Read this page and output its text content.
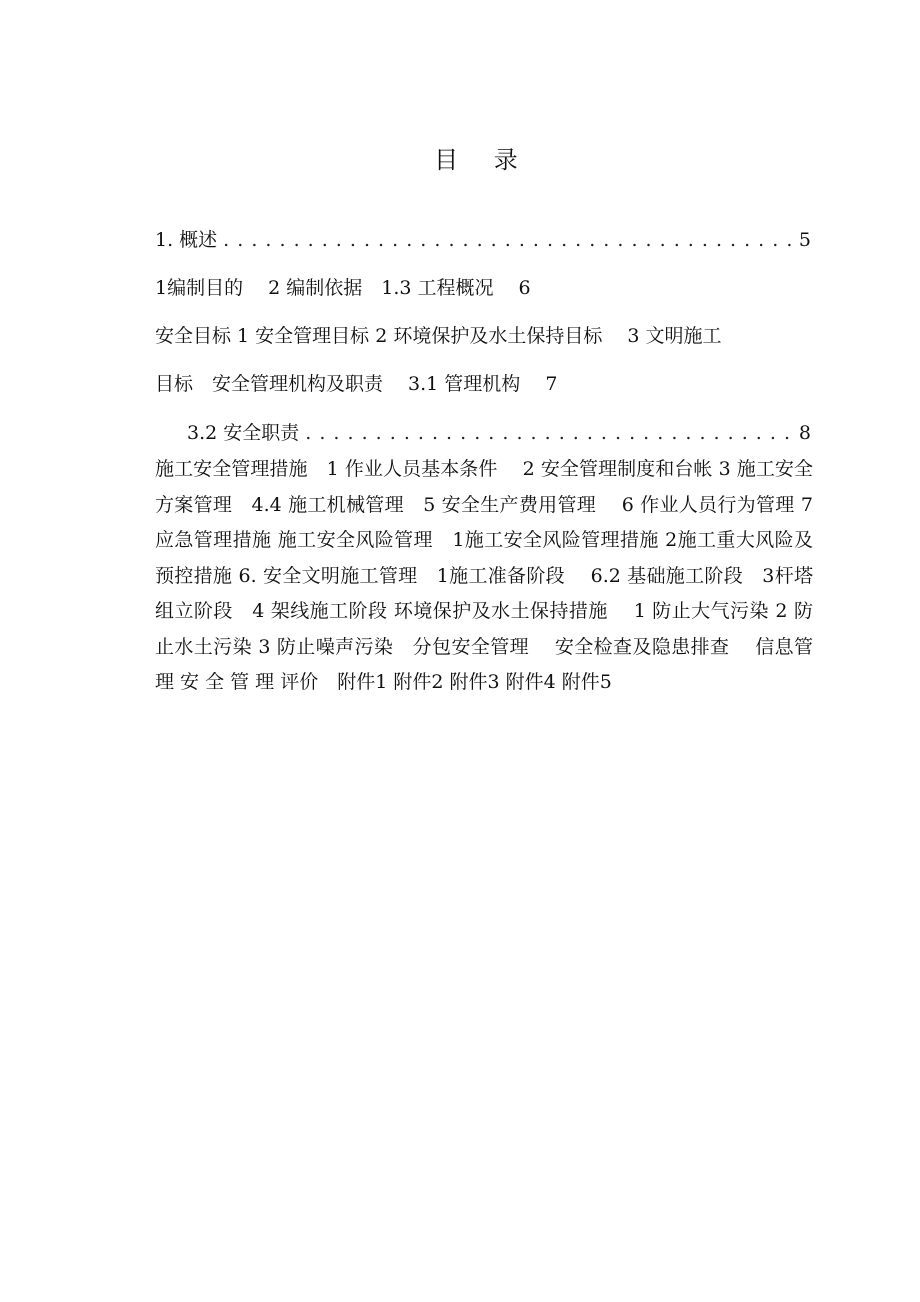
目 录
1. 概述 . . .	5
1编制目的　 2 编制依据　1.3 工程概况　 6
安全目标 1 安全管理目标 2 环境保护及水土保持目标　 3 文明施工
目标　安全管理机构及职责　 3.1 管理机构　 7
3.2 安全职责 . . .	8
施工安全管理措施　1 作业人员基本条件　 2 安全管理制度和台帐 3 施工安全方案管理　4.4 施工机械管理　5 安全生产费用管理　 6 作业人员行为管理 7 应急管理措施 施工安全风险管理　1施工安全风险管理措施 2施工重大风险及预控措施 6. 安全文明施工管理　1施工准备阶段　 6.2 基础施工阶段　3杆塔组立阶段　4 架线施工阶段 环境保护及水土保持措施　 1 防止大气污染 2 防止水土污染 3 防止噪声污染　分包安全管理　 安全检查及隐患排查　 信息管理 安 全 管 理 评价　附件1 附件2 附件3 附件4 附件5
